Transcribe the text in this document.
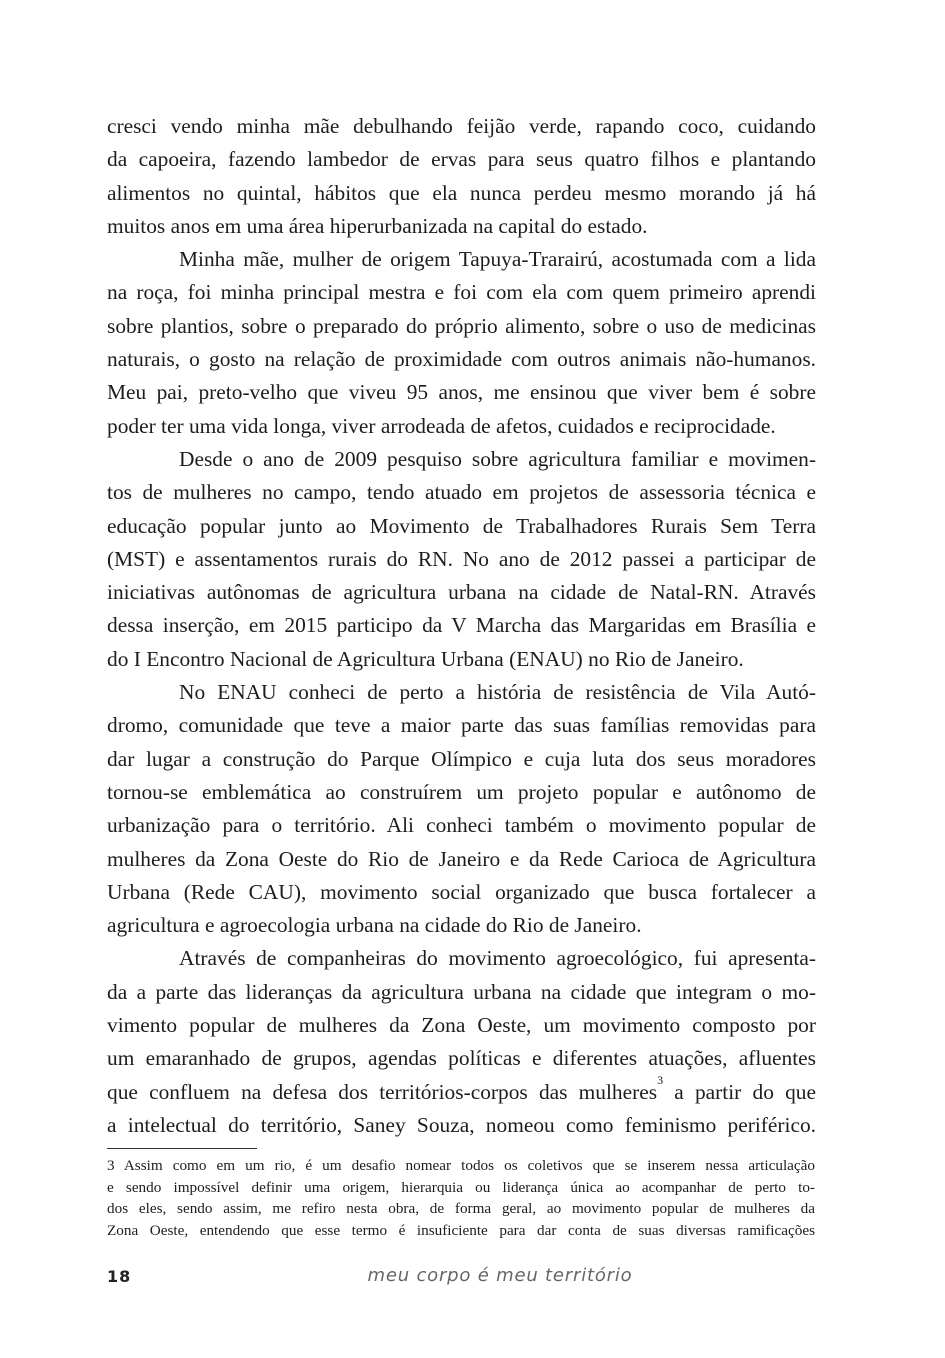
cresci vendo minha mãe debulhando feijão verde, rapando coco, cuidando
da capoeira, fazendo lambedor de ervas para seus quatro filhos e plantando
alimentos no quintal, hábitos que ela nunca perdeu mesmo morando já há

muitos anos em uma área hiperurbanizada na capital do estado.

Minha mãe, mulher de origem Tapuya-Trarairú, acostumada com a lida

na roça, foi minha principal mestra e foi com ela com quem primeiro aprendi

sobre plantios, sobre o preparado do próprio alimento, sobre o uso de medicinas

naturais, o gosto na relação de proximidade com outros animais não-humanos.

Meu pai, preto-velho que viveu 95 anos, me ensinou que viver bem é sobre

poder ter uma vida longa, viver arrodeada de afetos, cuidados e reciprocidade.

Desde o ano de 2009 pesquiso sobre agricultura familiar e movimen-

tos de mulheres no campo, tendo atuado em projetos de assessoria técnica e

educação popular junto ao Movimento de Trabalhadores Rurais Sem Terra

(MST) e assentamentos rurais do RN. No ano de 2012 passei a participar de

iniciativas autônomas de agricultura urbana na cidade de Natal-RN. Através

dessa inserção, em 2015 participo da V Marcha das Margaridas em Brasília e

do I Encontro Nacional de Agricultura Urbana (ENAU) no Rio de Janeiro.

No ENAU conheci de perto a história de resistência de Vila Autó-

dromo, comunidade que teve a maior parte das suas famílias removidas para

dar lugar a construção do Parque Olímpico e cuja luta dos seus moradores

tornou-se emblemática ao construírem um projeto popular e autônomo de

urbanização para o território. Ali conheci também o movimento popular de

mulheres da Zona Oeste do Rio de Janeiro e da Rede Carioca de Agricultura

Urbana (Rede CAU), movimento social organizado que busca fortalecer a

agricultura e agroecologia urbana na cidade do Rio de Janeiro.

Através de companheiras do movimento agroecológico, fui apresenta-

da a parte das lideranças da agricultura urbana na cidade que integram o mo-

vimento popular de mulheres da Zona Oeste, um movimento composto por

um emaranhado de grupos, agendas políticas e diferentes atuações, afluentes

que confluem na defesa dos territórios-corpos das mulheres$^3$ a partir do que

a intelectual do território, Saney Souza, nomeou como feminismo periférico.

3 Assim como em um rio, é um desafio nomear todos os coletivos que se inserem nessa articulação

e sendo impossível definir uma origem, hierarquia ou liderança única ao acompanhar de perto to-

dos eles, sendo assim, me refiro nesta obra, de forma geral, ao movimento popular de mulheres da

Zona Oeste, entendendo que esse termo é insuficiente para dar conta de suas diversas ramificações

18	meu corpo é meu território
